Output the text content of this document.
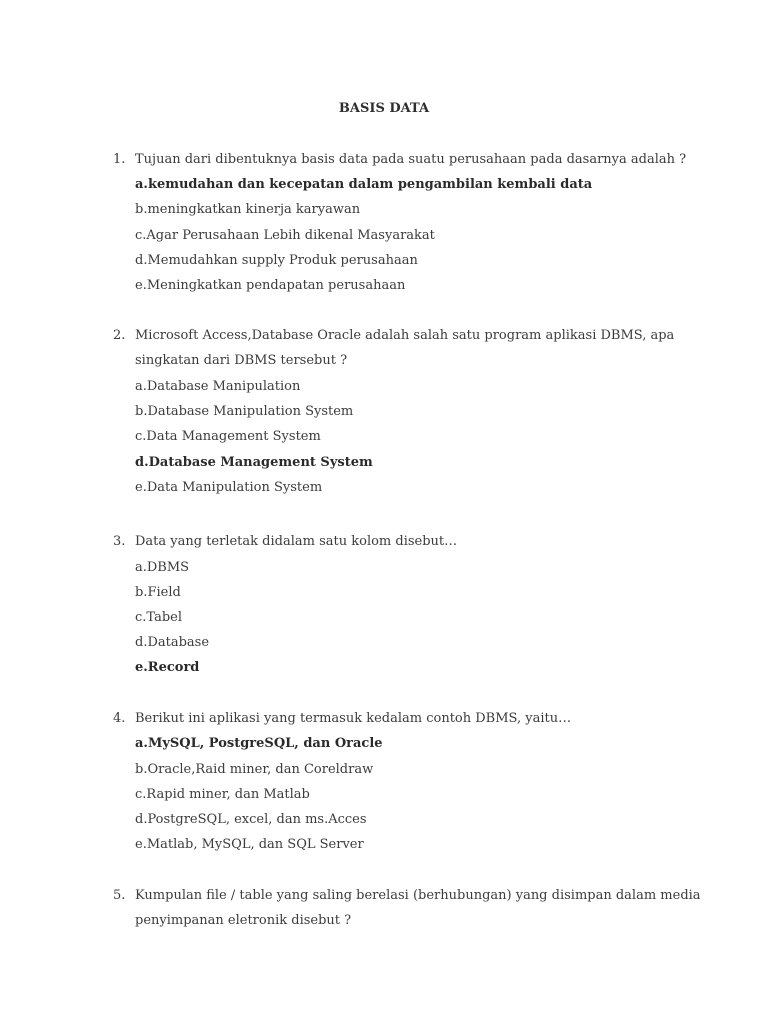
BASIS DATA
1. Tujuan dari dibentuknya basis data pada suatu perusahaan pada dasarnya adalah ?
a.kemudahan dan kecepatan dalam pengambilan kembali data
b.meningkatkan kinerja karyawan
c.Agar Perusahaan Lebih dikenal Masyarakat
d.Memudahkan supply Produk perusahaan
e.Meningkatkan pendapatan perusahaan
2. Microsoft Access,Database Oracle adalah salah satu program aplikasi DBMS, apa
singkatan dari DBMS tersebut ?
a.Database Manipulation
b.Database Manipulation System
c.Data Management System
d.Database Management System
e.Data Manipulation System
3. Data yang terletak didalam satu kolom disebut…
a.DBMS
b.Field
c.Tabel
d.Database
e.Record
4. Berikut ini aplikasi yang termasuk kedalam contoh DBMS, yaitu…
a.MySQL, PostgreSQL, dan Oracle
b.Oracle,Raid miner, dan Coreldraw
c.Rapid miner, dan Matlab
d.PostgreSQL, excel, dan ms.Acces
e.Matlab, MySQL, dan SQL Server
5. Kumpulan file / table yang saling berelasi (berhubungan) yang disimpan dalam media
penyimpanan eletronik disebut ?
